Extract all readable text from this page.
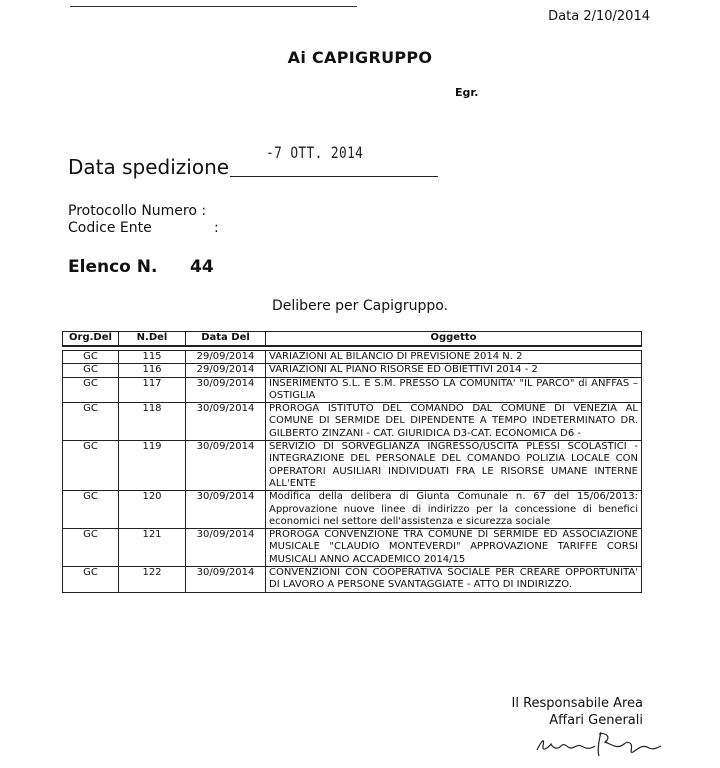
Data 2/10/2014
Ai CAPIGRUPPO
Egr.
-7 OTT. 2014
Data spedizione
Protocollo Numero :
Codice Ente	:
Elenco N. 44
Delibere per Capigruppo.
Org.Del	N.Del	Data Del	Oggetto

GC	115	29/09/2014	VARIAZIONI AL BILANCIO DI PREVISIONE 2014 N. 2
GC	116	29/09/2014	VARIAZIONI AL PIANO RISORSE ED OBIETTIVI 2014 - 2
GC	117	30/09/2014	INSERIMENTO S.L. E S.M. PRESSO LA COMUNITA' "IL PARCO" di ANFFAS – OSTIGLIA
GC	118	30/09/2014	PROROGA ISTITUTO DEL COMANDO DAL COMUNE DI VENEZIA AL COMUNE DI SERMIDE DEL DIPENDENTE A TEMPO INDETERMINATO DR. GILBERTO ZINZANI - CAT. GIURIDICA D3-CAT. ECONOMICA D6 -
GC	119	30/09/2014	SERVIZIO DI SORVEGLIANZA INGRESSO/USCITA PLESSI SCOLASTICI - INTEGRAZIONE DEL PERSONALE DEL COMANDO POLIZIA LOCALE CON OPERATORI AUSILIARI INDIVIDUATI FRA LE RISORSE UMANE INTERNE ALL'ENTE
GC	120	30/09/2014	Modifica della delibera di Giunta Comunale n. 67 del 15/06/2013: Approvazione nuove linee di indirizzo per la concessione di benefici economici nel settore dell'assistenza e sicurezza sociale
GC	121	30/09/2014	PROROGA CONVENZIONE TRA COMUNE DI SERMIDE ED ASSOCIAZIONE MUSICALE "CLAUDIO MONTEVERDI" APPROVAZIONE TARIFFE CORSI MUSICALI ANNO ACCADEMICO 2014/15
GC	122	30/09/2014	CONVENZIONI CON COOPERATIVA SOCIALE PER CREARE OPPORTUNITA' DI LAVORO A PERSONE SVANTAGGIATE - ATTO DI INDIRIZZO.
Il Responsabile Area
Affari Generali
